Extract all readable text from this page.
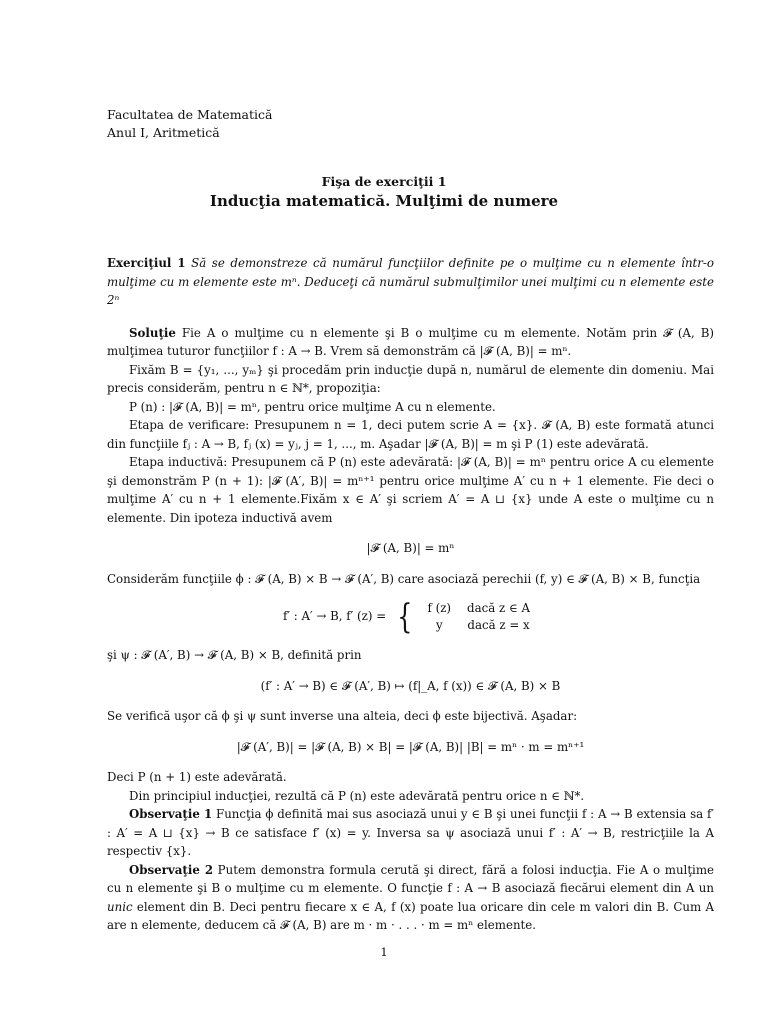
Facultatea de Matematică
Anul I, Aritmetică
Fişa de exerciţii 1
Inducţia matematică. Mulţimi de numere

Exerciţiul 1 Să se demonstreze că numărul funcţiilor definite pe o mulţime cu n elemente într-o mulţime cu m elemente este mⁿ. Deduceţi că numărul submulţimilor unei mulţimi cu n elemente este 2ⁿ

Soluţie Fie A o mulţime cu n elemente şi B o mulţime cu m elemente. Notăm prin 𝓕 (A, B) mulţimea tuturor funcţiilor f : A → B. Vrem să demonstrăm că |𝓕 (A, B)| = mⁿ.

Fixăm B = {y₁, ..., yₘ} şi procedăm prin inducţie după n, numărul de elemente din domeniu. Mai precis considerăm, pentru n ∈ ℕ*, propoziţia:

P (n) : |𝓕 (A, B)| = mⁿ, pentru orice mulţime A cu n elemente.

Etapa de verificare: Presupunem n = 1, deci putem scrie A = {x}. 𝓕 (A, B) este formată atunci din funcţiile fⱼ : A → B, fⱼ (x) = yⱼ, j = 1, ..., m. Aşadar |𝓕 (A, B)| = m şi P (1) este adevărată.

Etapa inductivă: Presupunem că P (n) este adevărată: |𝓕 (A, B)| = mⁿ pentru orice A cu elemente şi demonstrăm P (n + 1): |𝓕 (A′, B)| = mⁿ⁺¹ pentru orice mulţime A′ cu n + 1 elemente. Fie deci o mulţime A′ cu n + 1 elemente.Fixăm x ∈ A′ şi scriem A′ = A ⊔ {x} unde A este o mulţime cu n elemente. Din ipoteza inductivă avem

|𝓕 (A, B)| = mⁿ

Considerăm funcţiile ϕ : 𝓕 (A, B) × B → 𝓕 (A′, B) care asociază perechii (f, y) ∈ 𝓕 (A, B) × B, funcţia

f′ : A′ → B, f′ (z) = { f (z)	dacă z ∈ A
y	dacă z = x

şi ψ : 𝓕 (A′, B) → 𝓕 (A, B) × B, definită prin

(f′ : A′ → B) ∈ 𝓕 (A′, B) ↦ (f|_A, f (x)) ∈ 𝓕 (A, B) × B

Se verifică uşor că ϕ şi ψ sunt inverse una alteia, deci ϕ este bijectivă. Aşadar:

|𝓕 (A′, B)| = |𝓕 (A, B) × B| = |𝓕 (A, B)| |B| = mⁿ · m = mⁿ⁺¹

Deci P (n + 1) este adevărată.

Din principiul inducţiei, rezultă că P (n) este adevărată pentru orice n ∈ ℕ*.

Observaţie 1 Funcţia ϕ definită mai sus asociază unui y ∈ B şi unei funcţii f : A → B extensia sa f′ : A′ = A ⊔ {x} → B ce satisface f′ (x) = y. Inversa sa ψ asociază unui f′ : A′ → B, restricţiile la A respectiv {x}.

Observaţie 2 Putem demonstra formula cerută şi direct, fără a folosi inducţia. Fie A o mulţime cu n elemente şi B o mulţime cu m elemente. O funcţie f : A → B asociază fiecărui element din A un unic element din B. Deci pentru fiecare x ∈ A, f (x) poate lua oricare din cele m valori din B. Cum A are n elemente, deducem că 𝓕 (A, B) are m · m · . . . · m = mⁿ elemente.

1
